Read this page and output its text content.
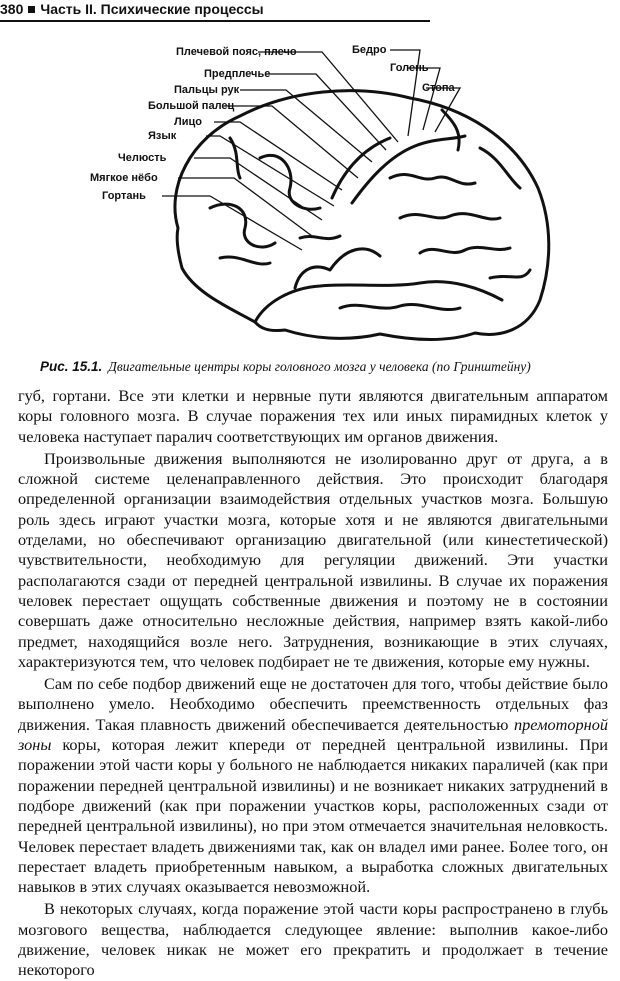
380 Часть II. Психические процессы
Плечевой пояс, плечо	Бедро
Голень
Предплечье
Стопа
Пальцы рук
Большой палец
Лицо
Язык
Челюсть
Мягкое нёбо
Гортань
Рис. 15.1. Двигательные центры коры головного мозга у человека (по Гринштейну)

губ, гортани. Все эти клетки и нервные пути являются двигательным аппаратом коры головного мозга. В случае поражения тех или иных пирамидных клеток у человека наступает паралич соответствующих им органов движения.

Произвольные движения выполняются не изолированно друг от друга, а в сложной системе целенаправленного действия. Это происходит благодаря определенной организации взаимодействия отдельных участков мозга. Большую роль здесь играют участки мозга, которые хотя и не являются двигательными отделами, но обеспечивают организацию двигательной (или кинестетической) чувствительности, необходимую для регуляции движений. Эти участки располагаются сзади от передней центральной извилины. В случае их поражения человек перестает ощущать собственные движения и поэтому не в состоянии совершать даже относительно несложные действия, например взять какой-либо предмет, находящийся возле него. Затруднения, возникающие в этих случаях, характеризуются тем, что человек подбирает не те движения, которые ему нужны.

Сам по себе подбор движений еще не достаточен для того, чтобы действие было выполнено умело. Необходимо обеспечить преемственность отдельных фаз движения. Такая плавность движений обеспечивается деятельностью премоторной зоны коры, которая лежит кпереди от передней центральной извилины. При поражении этой части коры у больного не наблюдается никаких параличей (как при поражении передней центральной извилины) и не возникает никаких затруднений в подборе движений (как при поражении участков коры, расположенных сзади от передней центральной извилины), но при этом отмечается значительная неловкость. Человек перестает владеть движениями так, как он владел ими ранее. Более того, он перестает владеть приобретенным навыком, а выработка сложных двигательных навыков в этих случаях оказывается невозможной.

В некоторых случаях, когда поражение этой части коры распространено в глубь мозгового вещества, наблюдается следующее явление: выполнив какое-либо движение, человек никак не может его прекратить и продолжает в течение некоторого
